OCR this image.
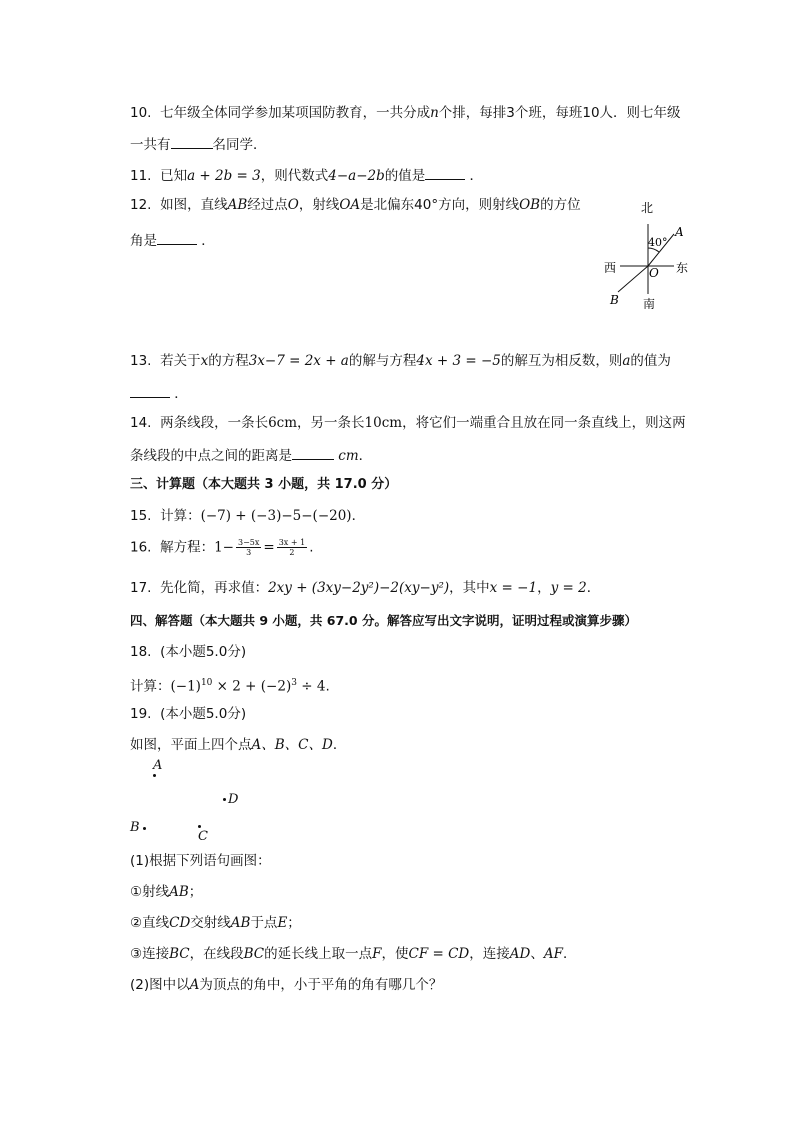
10. 七年级全体同学参加某项国防教育，一共分成n个排，每排3个班，每班10人．则七年级
一共有	名同学．
11. 已知a + 2b = 3，则代数式4−a−2b的值是	．
12. 如图，直线AB经过点O，射线OA是北偏东40°方向，则射线OB的方位
角是	．
北
南
西	东
40°
A
B
O
13. 若关于x的方程3x−7 = 2x + a的解与方程4x + 3 = −5的解互为相反数，则a的值为
．
14. 两条线段，一条长6cm，另一条长10cm，将它们一端重合且放在同一条直线上，则这两
条线段的中点之间的距离是	cm．
三、计算题（本大题共 3 小题，共 17.0 分）
15. 计算：(−7) + (−3)−5−(−20)．
16. 解方程：$1- \frac{3-5x}{3} = \frac{3x + 1}{2}$ .
17. 先化简，再求值：2xy + (3xy−2y²)−2(xy−y²)，其中x = −1，y = 2．
四、解答题（本大题共 9 小题，共 67.0 分。解答应写出文字说明，证明过程或演算步骤）
18. (本小题5.0分)
计算：$(-1)^{10} \times 2 + (-2)^3 \div 4$.
19. (本小题5.0分)
如图，平面上四个点A、B、C、D．
A
D
B
C
(1)根据下列语句画图：
①射线AB；
②直线CD交射线AB于点E；
③连接BC，在线段BC的延长线上取一点F，使CF = CD，连接AD、AF．
(2)图中以A为顶点的角中，小于平角的角有哪几个？
